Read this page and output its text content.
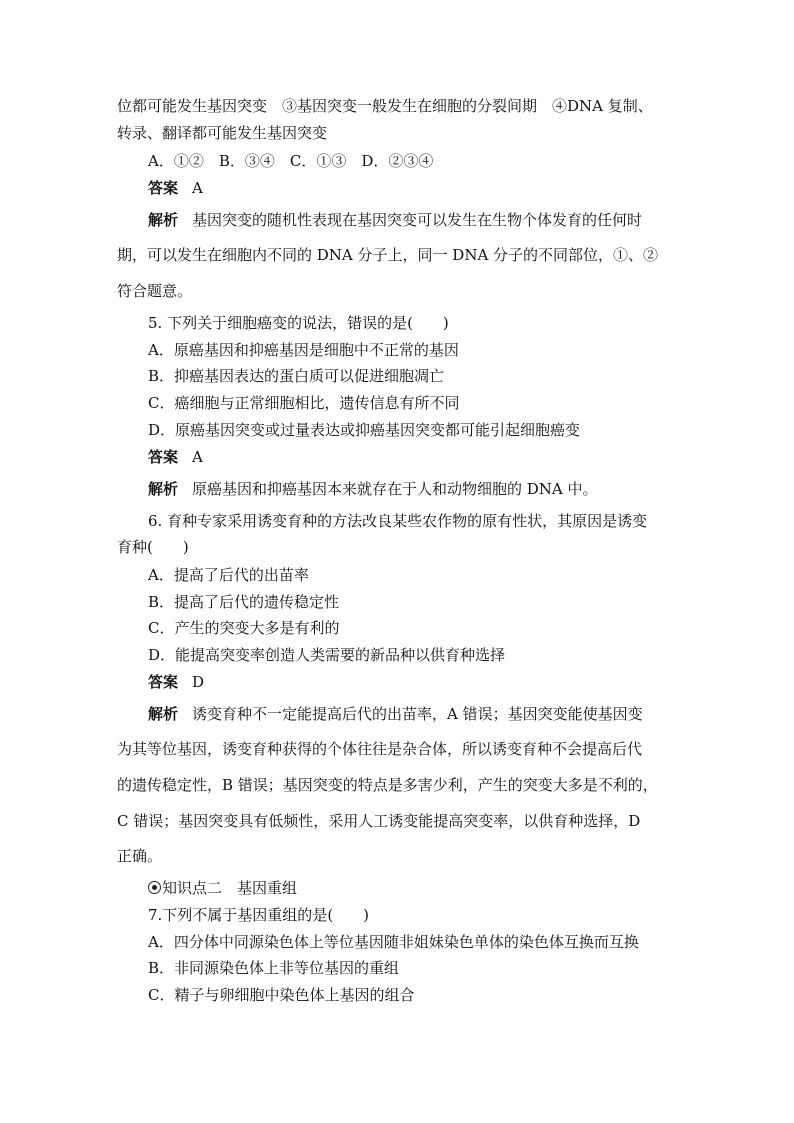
位都可能发生基因突变　③基因突变一般发生在细胞的分裂间期　④DNA 复制、
转录、翻译都可能发生基因突变
A．①②　B．③④　C．①③　D．②③④
答案 A
解析 基因突变的随机性表现在基因突变可以发生在生物个体发育的任何时
期，可以发生在细胞内不同的 DNA 分子上，同一 DNA 分子的不同部位，①、②
符合题意。
5. 下列关于细胞癌变的说法，错误的是(　　)
A．原癌基因和抑癌基因是细胞中不正常的基因
B．抑癌基因表达的蛋白质可以促进细胞凋亡
C．癌细胞与正常细胞相比，遗传信息有所不同
D．原癌基因突变或过量表达或抑癌基因突变都可能引起细胞癌变
答案 A
解析 原癌基因和抑癌基因本来就存在于人和动物细胞的 DNA 中。
6. 育种专家采用诱变育种的方法改良某些农作物的原有性状，其原因是诱变
育种(　　)
A．提高了后代的出苗率
B．提高了后代的遗传稳定性
C．产生的突变大多是有利的
D．能提高突变率创造人类需要的新品种以供育种选择
答案 D
解析 诱变育种不一定能提高后代的出苗率，A 错误；基因突变能使基因变
为其等位基因，诱变育种获得的个体往往是杂合体，所以诱变育种不会提高后代
的遗传稳定性，B 错误；基因突变的特点是多害少利，产生的突变大多是不利的，
C 错误；基因突变具有低频性，采用人工诱变能提高突变率，以供育种选择，D
正确。
知识点二　基因重组
7.下列不属于基因重组的是(　　)
A．四分体中同源染色体上等位基因随非姐妹染色单体的染色体互换而互换
B．非同源染色体上非等位基因的重组
C．精子与卵细胞中染色体上基因的组合
